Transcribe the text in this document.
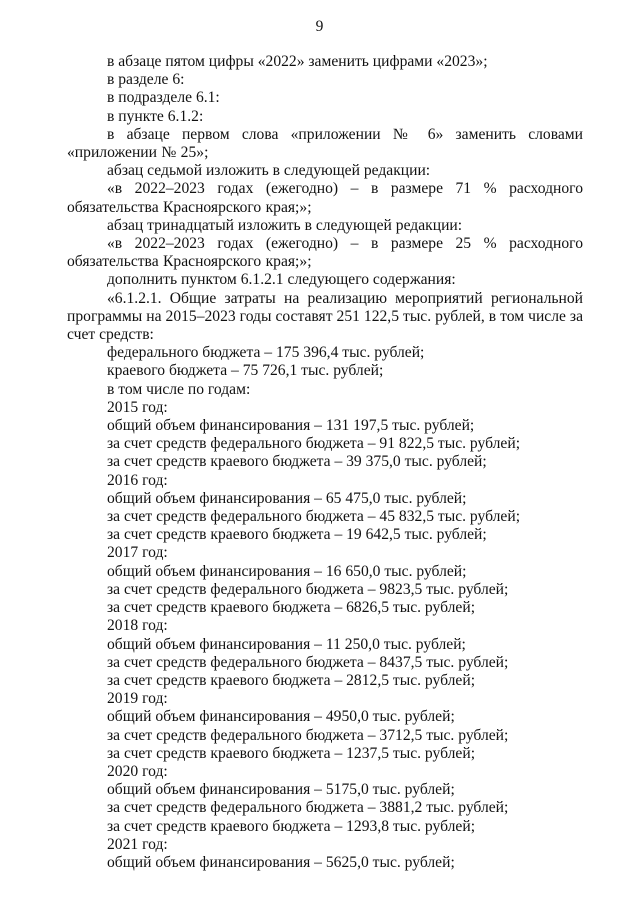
9

в абзаце пятом цифры «2022» заменить цифрами «2023»;

в разделе 6:

в подразделе 6.1:

в пункте 6.1.2:

в абзаце первом слова «приложении № 6» заменить словами «приложении № 25»;

абзац седьмой изложить в следующей редакции:

«в 2022–2023 годах (ежегодно) – в размере 71 % расходного обязательства Красноярского края;»;

абзац тринадцатый изложить в следующей редакции:

«в 2022–2023 годах (ежегодно) – в размере 25 % расходного обязательства Красноярского края;»;

дополнить пунктом 6.1.2.1 следующего содержания:

«6.1.2.1. Общие затраты на реализацию мероприятий региональной программы на 2015–2023 годы составят 251 122,5 тыс. рублей, в том числе за счет средств:

федерального бюджета – 175 396,4 тыс. рублей;

краевого бюджета – 75 726,1 тыс. рублей;

в том числе по годам:

2015 год:

общий объем финансирования – 131 197,5 тыс. рублей;

за счет средств федерального бюджета – 91 822,5 тыс. рублей;

за счет средств краевого бюджета – 39 375,0 тыс. рублей;

2016 год:

общий объем финансирования – 65 475,0 тыс. рублей;

за счет средств федерального бюджета – 45 832,5 тыс. рублей;

за счет средств краевого бюджета – 19 642,5 тыс. рублей;

2017 год:

общий объем финансирования – 16 650,0 тыс. рублей;

за счет средств федерального бюджета – 9823,5 тыс. рублей;

за счет средств краевого бюджета – 6826,5 тыс. рублей;

2018 год:

общий объем финансирования – 11 250,0 тыс. рублей;

за счет средств федерального бюджета – 8437,5 тыс. рублей;

за счет средств краевого бюджета – 2812,5 тыс. рублей;

2019 год:

общий объем финансирования – 4950,0 тыс. рублей;

за счет средств федерального бюджета – 3712,5 тыс. рублей;

за счет средств краевого бюджета – 1237,5 тыс. рублей;

2020 год:

общий объем финансирования – 5175,0 тыс. рублей;

за счет средств федерального бюджета – 3881,2 тыс. рублей;

за счет средств краевого бюджета – 1293,8 тыс. рублей;

2021 год:

общий объем финансирования – 5625,0 тыс. рублей;
